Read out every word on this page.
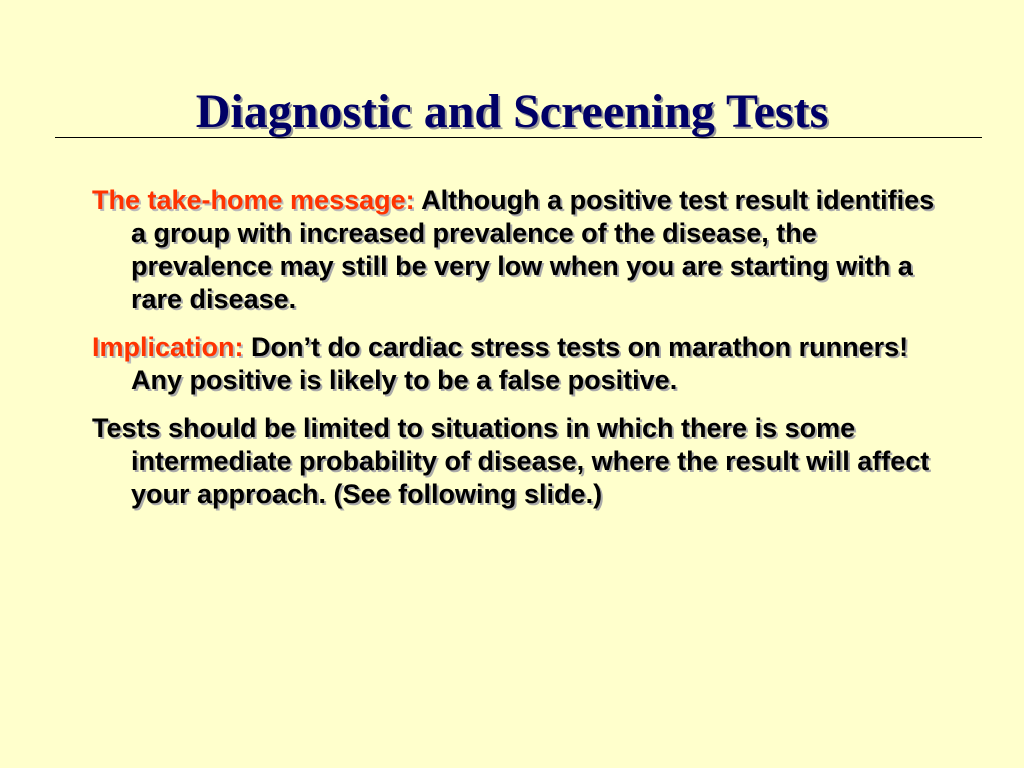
Diagnostic and Screening Tests

The take-home message: Although a positive test result identifies a group with increased prevalence of the disease, the prevalence may still be very low when you are starting with a rare disease.

Implication: Don’t do cardiac stress tests on marathon runners! Any positive is likely to be a false positive.

Tests should be limited to situations in which there is some intermediate probability of disease, where the result will affect your approach. (See following slide.)
